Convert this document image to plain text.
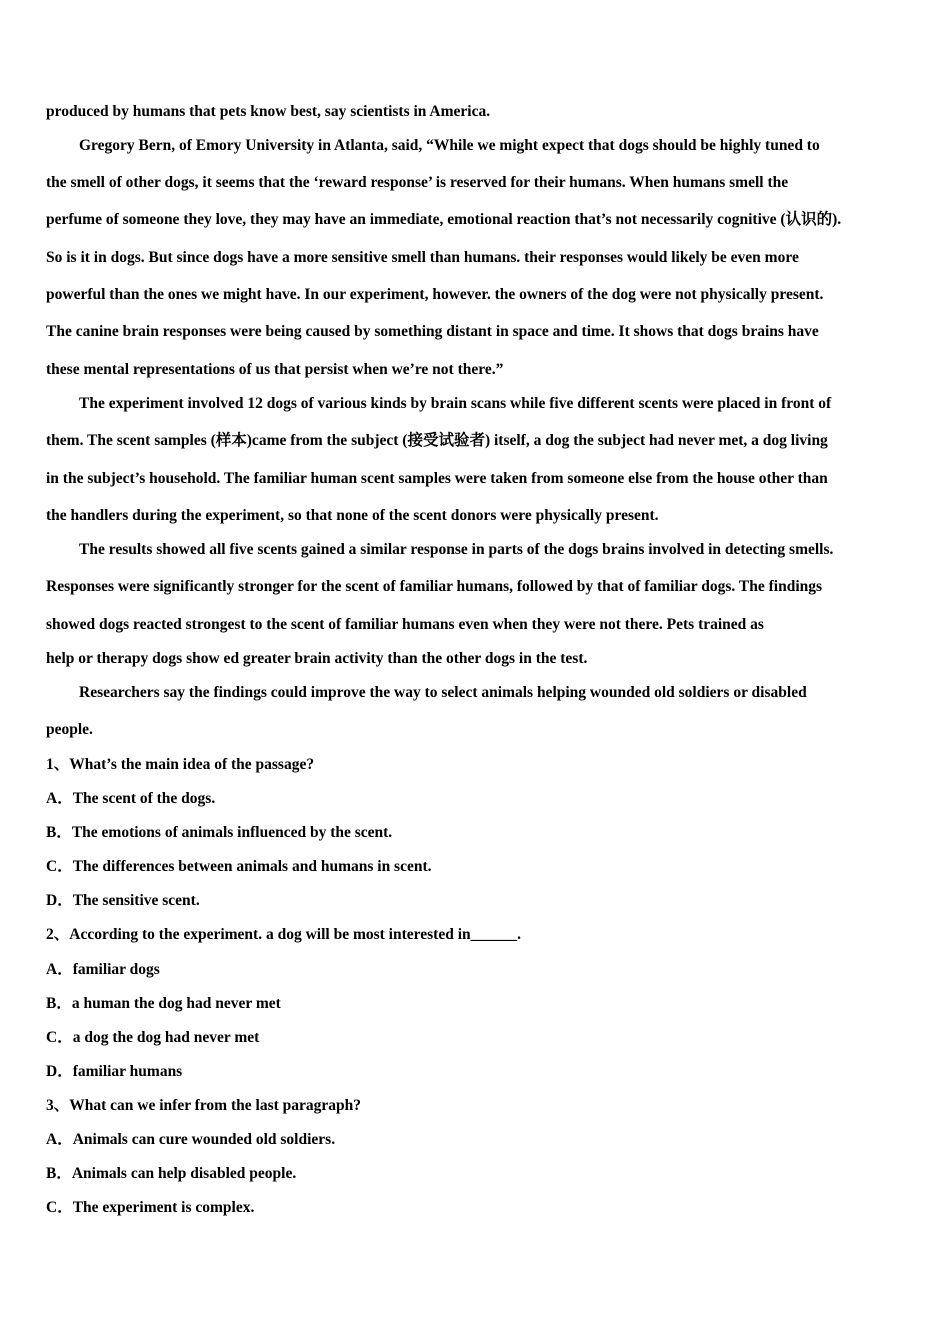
produced by humans that pets know best, say scientists in America.
Gregory Bern, of Emory University in Atlanta, said, “While we might expect that dogs should be highly tuned to
the smell of other dogs, it seems that the ‘reward response’ is reserved for their humans. When humans smell the
perfume of someone they love, they may have an immediate, emotional reaction that’s not necessarily cognitive (认识的).
So is it in dogs. But since dogs have a more sensitive smell than humans. their responses would likely be even more
powerful than the ones we might have. In our experiment, however. the owners of the dog were not physically present.
The canine brain responses were being caused by something distant in space and time. It shows that dogs brains have
these mental representations of us that persist when we’re not there.”
The experiment involved 12 dogs of various kinds by brain scans while five different scents were placed in front of
them. The scent samples (样本)came from the subject (接受试验者) itself, a dog the subject had never met, a dog living
in the subject’s household. The familiar human scent samples were taken from someone else from the house other than
the handlers during the experiment, so that none of the scent donors were physically present.
The results showed all five scents gained a similar response in parts of the dogs brains involved in detecting smells.
Responses were significantly stronger for the scent of familiar humans, followed by that of familiar dogs. The findings
showed dogs reacted strongest to the scent of familiar humans even when they were not there. Pets trained as
help or therapy dogs show ed greater brain activity than the other dogs in the test.
Researchers say the findings could improve the way to select animals helping wounded old soldiers or disabled
people.
1、What’s the main idea of the passage?
A．The scent of the dogs.
B．The emotions of animals influenced by the scent.
C．The differences between animals and humans in scent.
D．The sensitive scent.
2、According to the experiment. a dog will be most interested in______.
A．familiar dogs
B．a human the dog had never met
C．a dog the dog had never met
D．familiar humans
3、What can we infer from the last paragraph?
A．Animals can cure wounded old soldiers.
B．Animals can help disabled people.
C．The experiment is complex.
